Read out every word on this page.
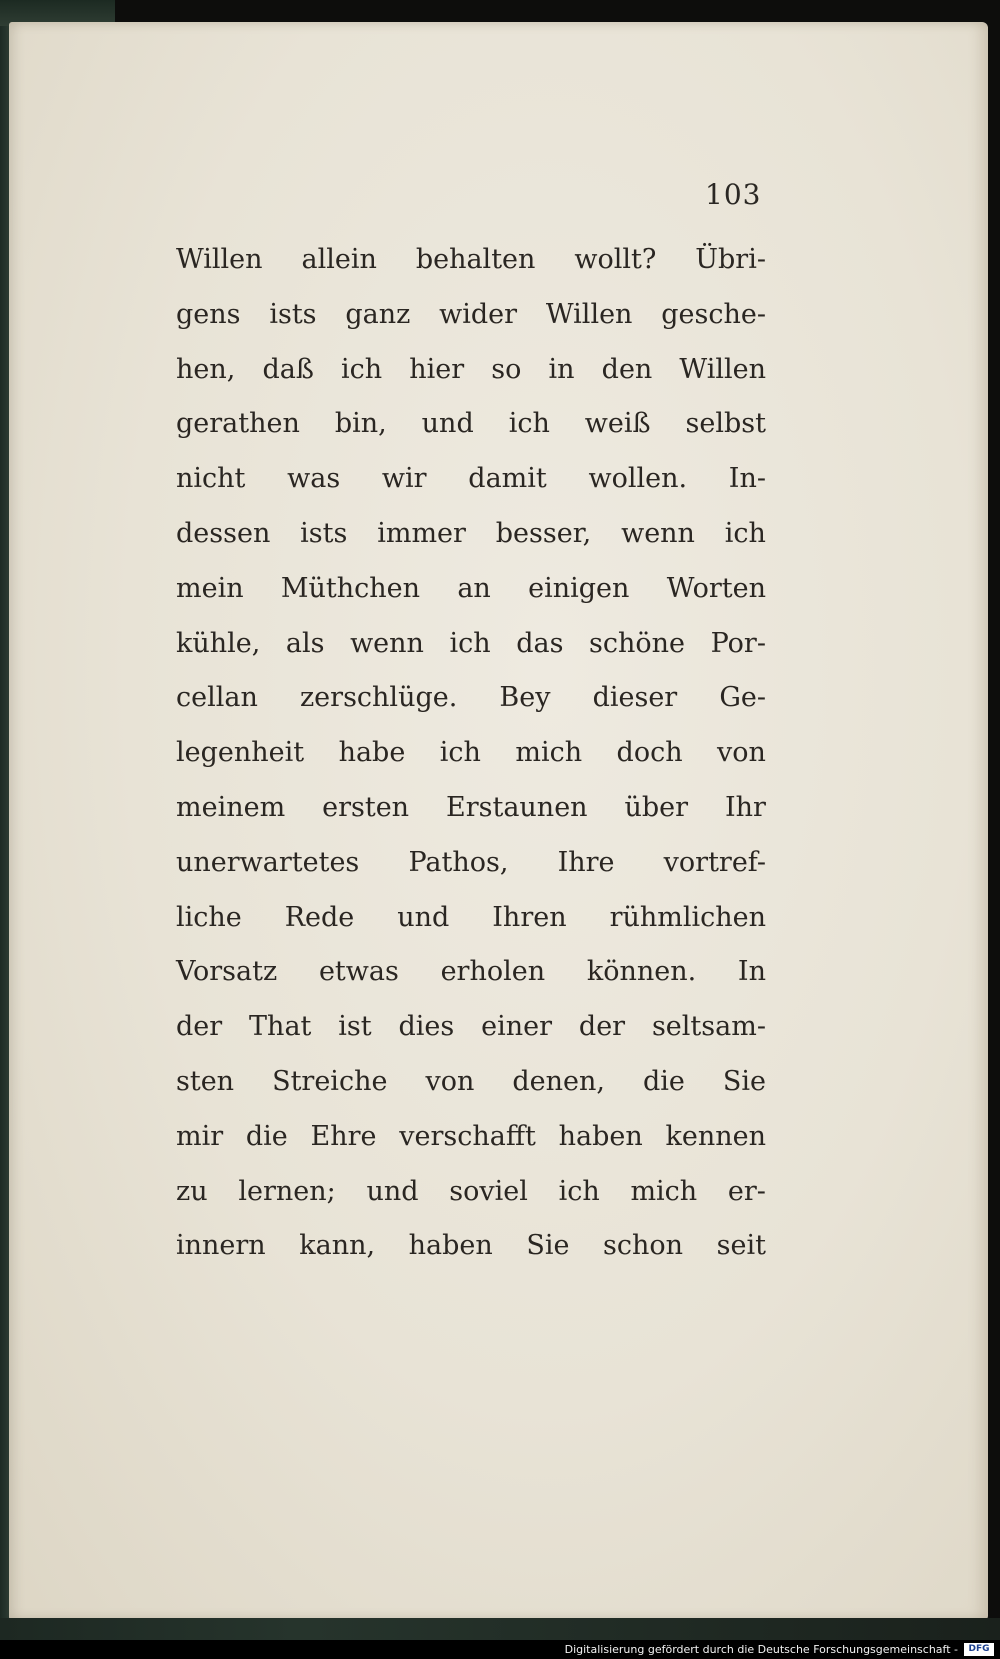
103
Willen allein behalten wollt? Übri-
gens ists ganz wider Willen gesche-
hen, daß ich hier so in den Willen
gerathen bin, und ich weiß selbst
nicht was wir damit wollen. In-
dessen ists immer besser, wenn ich
mein Müthchen an einigen Worten
kühle, als wenn ich das schöne Por-
cellan zerschlüge. Bey dieser Ge-
legenheit habe ich mich doch von
meinem ersten Erstaunen über Ihr
unerwartetes Pathos, Ihre vortref-
liche Rede und Ihren rühmlichen
Vorsatz etwas erholen können. In
der That ist dies einer der seltsam-
sten Streiche von denen, die Sie
mir die Ehre verschafft haben kennen
zu lernen; und soviel ich mich er-
innern kann, haben Sie schon seit
Digitalisierung gefördert durch die Deutsche Forschungsgemeinschaft -	DFG
